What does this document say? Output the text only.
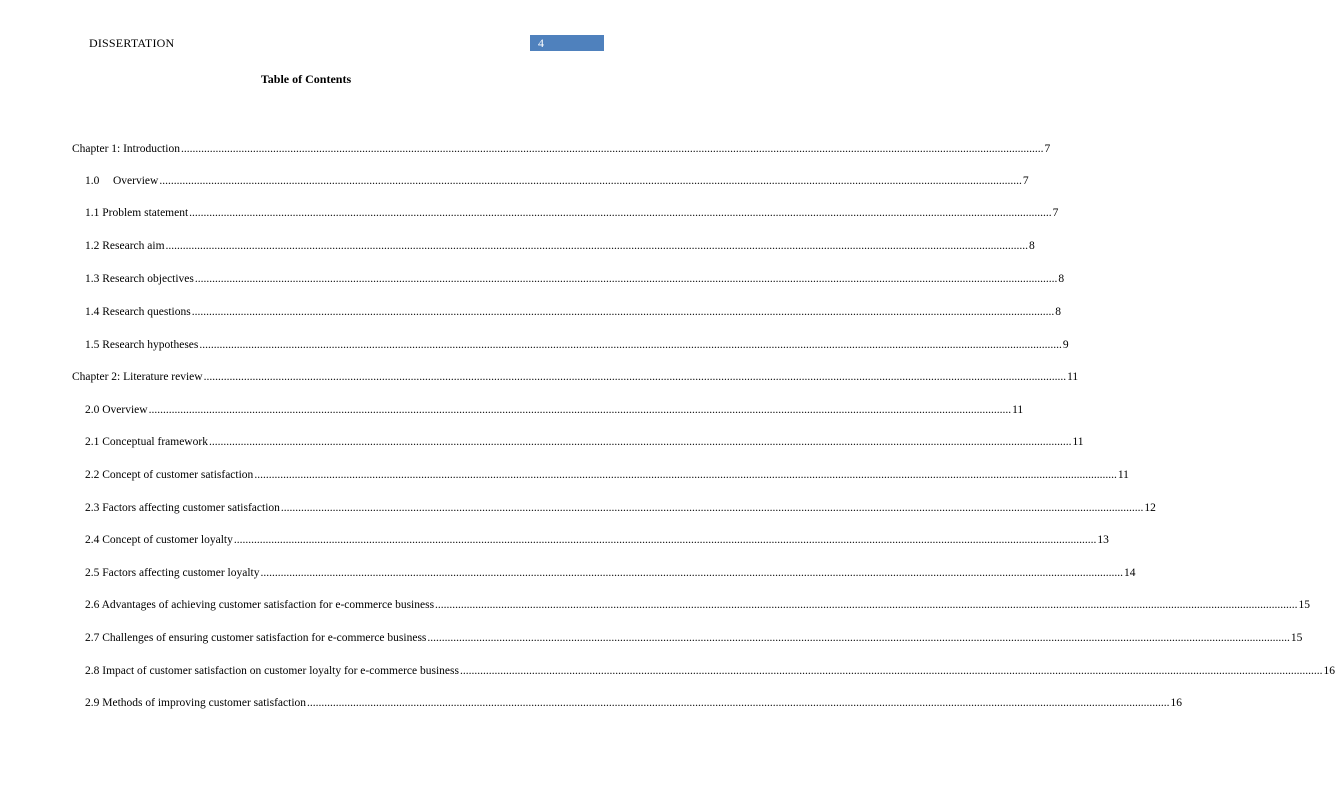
DISSERTATION	4
Table of Contents
Chapter 1: Introduction ............................................................................................................................................................................................................................................................................................................ 7
1.0 Overview ............................................................................................................................................................................................................................................................................................................ 7
1.1 Problem statement ............................................................................................................................................................................................................................................................................................................ 7
1.2 Research aim ............................................................................................................................................................................................................................................................................................................ 8
1.3 Research objectives ............................................................................................................................................................................................................................................................................................................ 8
1.4 Research questions ............................................................................................................................................................................................................................................................................................................ 8
1.5 Research hypotheses ............................................................................................................................................................................................................................................................................................................ 9
Chapter 2: Literature review ............................................................................................................................................................................................................................................................................................................ 11
2.0 Overview ............................................................................................................................................................................................................................................................................................................ 11
2.1 Conceptual framework ............................................................................................................................................................................................................................................................................................................ 11
2.2 Concept of customer satisfaction ............................................................................................................................................................................................................................................................................................................ 11
2.3 Factors affecting customer satisfaction ............................................................................................................................................................................................................................................................................................................ 12
2.4 Concept of customer loyalty ............................................................................................................................................................................................................................................................................................................ 13
2.5 Factors affecting customer loyalty ............................................................................................................................................................................................................................................................................................................ 14
2.6 Advantages of achieving customer satisfaction for e-commerce business ............................................................................................................................................................................................................................................................................................................ 15
2.7 Challenges of ensuring customer satisfaction for e-commerce business ............................................................................................................................................................................................................................................................................................................ 15
2.8 Impact of customer satisfaction on customer loyalty for e-commerce business ............................................................................................................................................................................................................................................................................................................ 16
2.9 Methods of improving customer satisfaction ............................................................................................................................................................................................................................................................................................................ 16
